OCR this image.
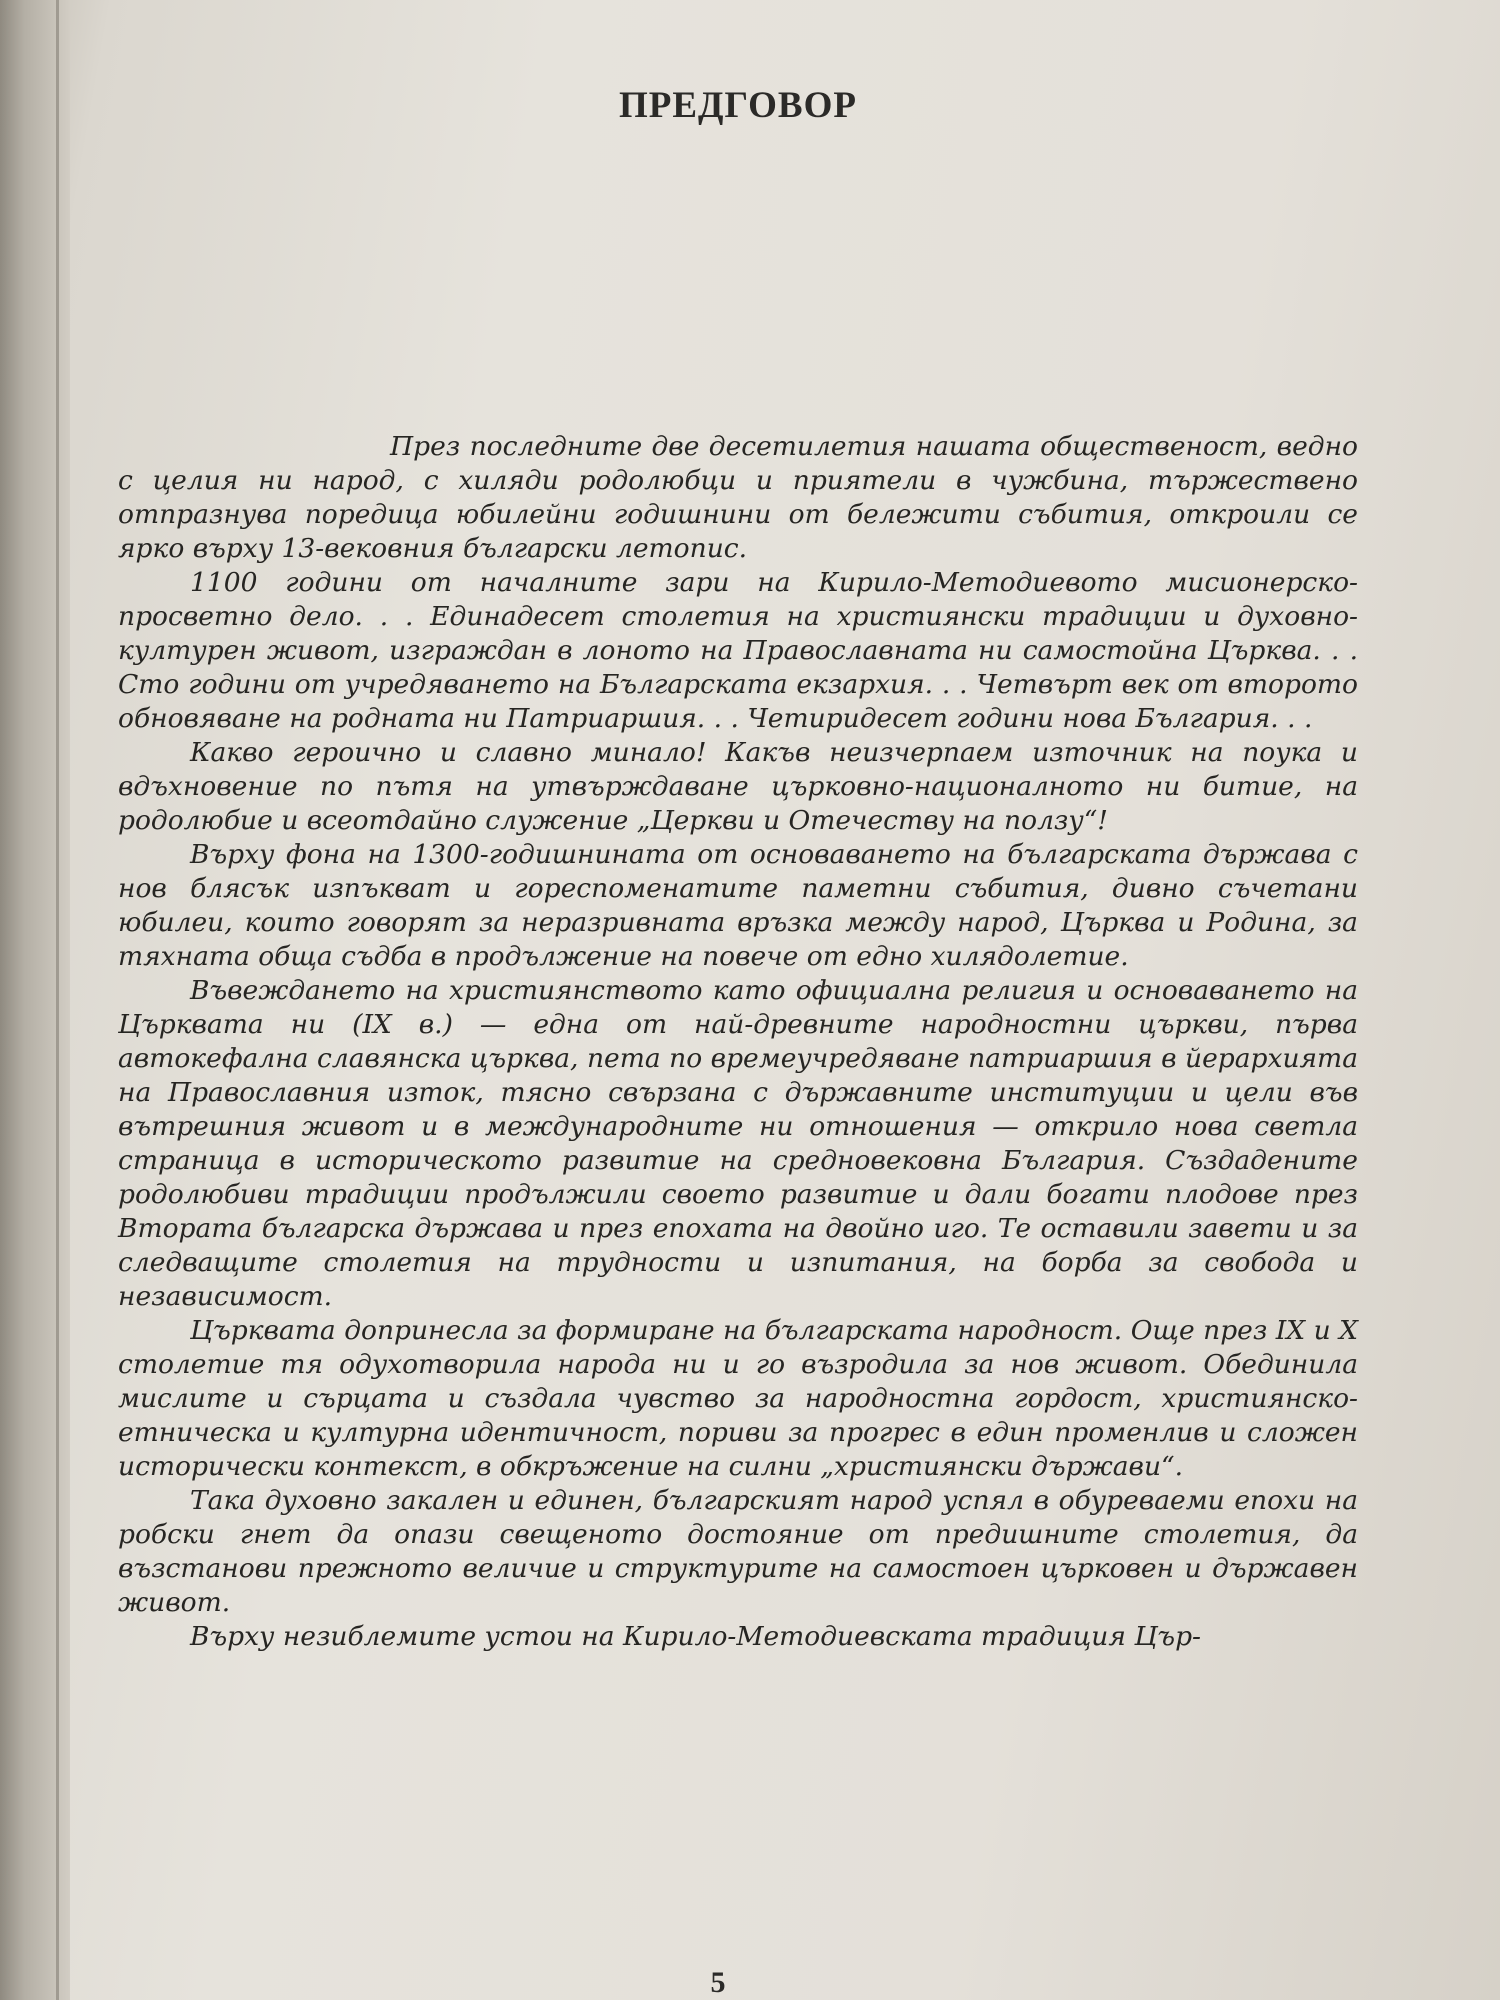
ПРЕДГОВОР

През последните две десетилетия нашата общественост, ведно с целия ни народ, с хиляди родолюбци и приятели в чужбина, тържествено отпразнува поредица юбилейни годишнини от бележити събития, откроили се ярко върху 13-вековния български летопис.

1100 години от началните зари на Кирило-Методиевото мисионерско-просветно дело. . . Единадесет столетия на християнски традиции и духовно-културен живот, изграждан в лоното на Православната ни самостойна Църква. . . Сто години от учредяването на Българската екзархия. . . Четвърт век от второто обновяване на родната ни Патриаршия. . . Четиридесет години нова България. . .

Какво героично и славно минало! Какъв неизчерпаем източник на поука и вдъхновение по пътя на утвърждаване църковно-националното ни битие, на родолюбие и всеотдайно служение „Церкви и Отечеству на ползу“!

Върху фона на 1300-годишнината от основаването на българската държава с нов блясък изпъкват и гореспоменатите паметни събития, дивно съчетани юбилеи, които говорят за неразривната връзка между народ, Църква и Родина, за тяхната обща съдба в продължение на повече от едно хилядолетие.

Въвеждането на християнството като официална религия и основаването на Църквата ни (IX в.) — една от най-древните народностни църкви, първа автокефална славянска църква, пета по времеучредяване патриаршия в йерархията на Православния изток, тясно свързана с държавните институции и цели във вътрешния живот и в международните ни отношения — открило нова светла страница в историческото развитие на средновековна България. Създадените родолюбиви традиции продължили своето развитие и дали богати плодове през Втората българска държава и през епохата на двойно иго. Те оставили завети и за следващите столетия на трудности и изпитания, на борба за свобода и независимост.

Църквата допринесла за формиране на българската народност. Още през IX и X столетие тя одухотворила народа ни и го възродила за нов живот. Обединила мислите и сърцата и създала чувство за народностна гордост, християнско-етническа и културна идентичност, пориви за прогрес в един променлив и сложен исторически контекст, в обкръжение на силни „християнски държави“.

Така духовно закален и единен, българският народ успял в обуреваеми епохи на робски гнет да опази свещеното достояние от предишните столетия, да възстанови прежното величие и структурите на самостоен църковен и държавен живот.

Върху незиблемите устои на Кирило-Методиевската традиция Цър-

5
